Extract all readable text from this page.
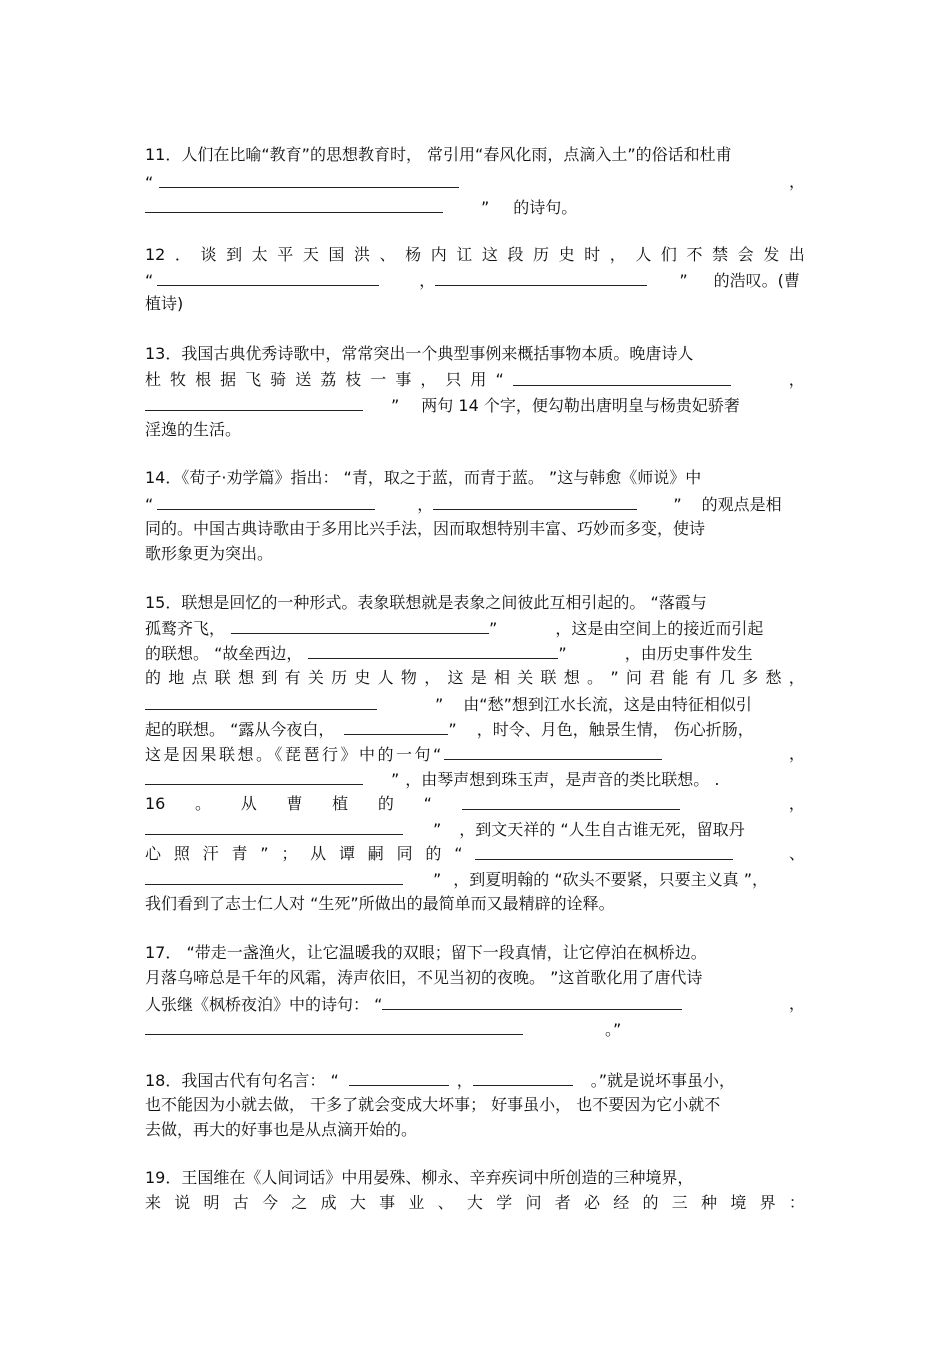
11．人们在比喻“教育”的思想教育时， 常引用“春风化雨，点滴入土”的俗话和杜甫
“	，
” 的诗句。
12 ． 谈 到 太 平 天 国 洪 、 杨 内 讧 这 段 历 史 时 ， 人 们 不 禁 会 发 出
“	，	” 的浩叹。(曹
植诗)
13．我国古典优秀诗歌中，常常突出一个典型事例来概括事物本质。晚唐诗人
杜 牧 根 据 飞 骑 送 荔 枝 一 事 ， 只 用 “	，
” 两句 14 个字，便勾勒出唐明皇与杨贵妃骄奢
淫逸的生活。
14．《荀子·劝学篇》指出： “青，取之于蓝，而青于蓝。 ”这与韩愈《师说》中
“	，	” 的观点是相
同的。中国古典诗歌由于多用比兴手法，因而取想特别丰富、巧妙而多变，使诗
歌形象更为突出。
15．联想是回忆的一种形式。表象联想就是表象之间彼此互相引起的。 “落霞与
孤鹜齐飞，	”	，这是由空间上的接近而引起
的联想。 “故垒西边，	”	，由历史事件发生
的 地 点 联 想 到 有 关 历 史 人 物 ， 这 是 相 关 联 想 。 ” 问 君 能 有 几 多 愁 ，
” 由“愁”想到江水长流，这是由特征相似引
起的联想。 “露从今夜白，	” ，时令、月色，触景生情， 伤心折肠，
这是因果联想。《琵琶行》中的一句“	，
” ，由琴声想到珠玉声，是声音的类比联想。 .
16 。 从 曹 植 的 “	，
” ，到文天祥的 “人生自古谁无死，留取丹
心 照 汗 青 ” ； 从 谭 嗣 同 的 “	、
” ，到夏明翰的 “砍头不要紧，只要主义真 ”，
我们看到了志士仁人对 “生死”所做出的最简单而又最精辟的诠释。
17． “带走一盏渔火，让它温暖我的双眼；留下一段真情，让它停泊在枫桥边。
月落乌啼总是千年的风霜，涛声依旧，不见当初的夜晚。 ”这首歌化用了唐代诗
人张继《枫桥夜泊》中的诗句： “	，
。”
18．我国古代有句名言： “	，	。”就是说坏事虽小，
也不能因为小就去做， 干多了就会变成大坏事； 好事虽小， 也不要因为它小就不
去做，再大的好事也是从点滴开始的。
19．王国维在《人间词话》中用晏殊、柳永、辛弃疾词中所创造的三种境界，
来 说 明 古 今 之 成 大 事 业 、 大 学 问 者 必 经 的 三 种 境 界 ：
